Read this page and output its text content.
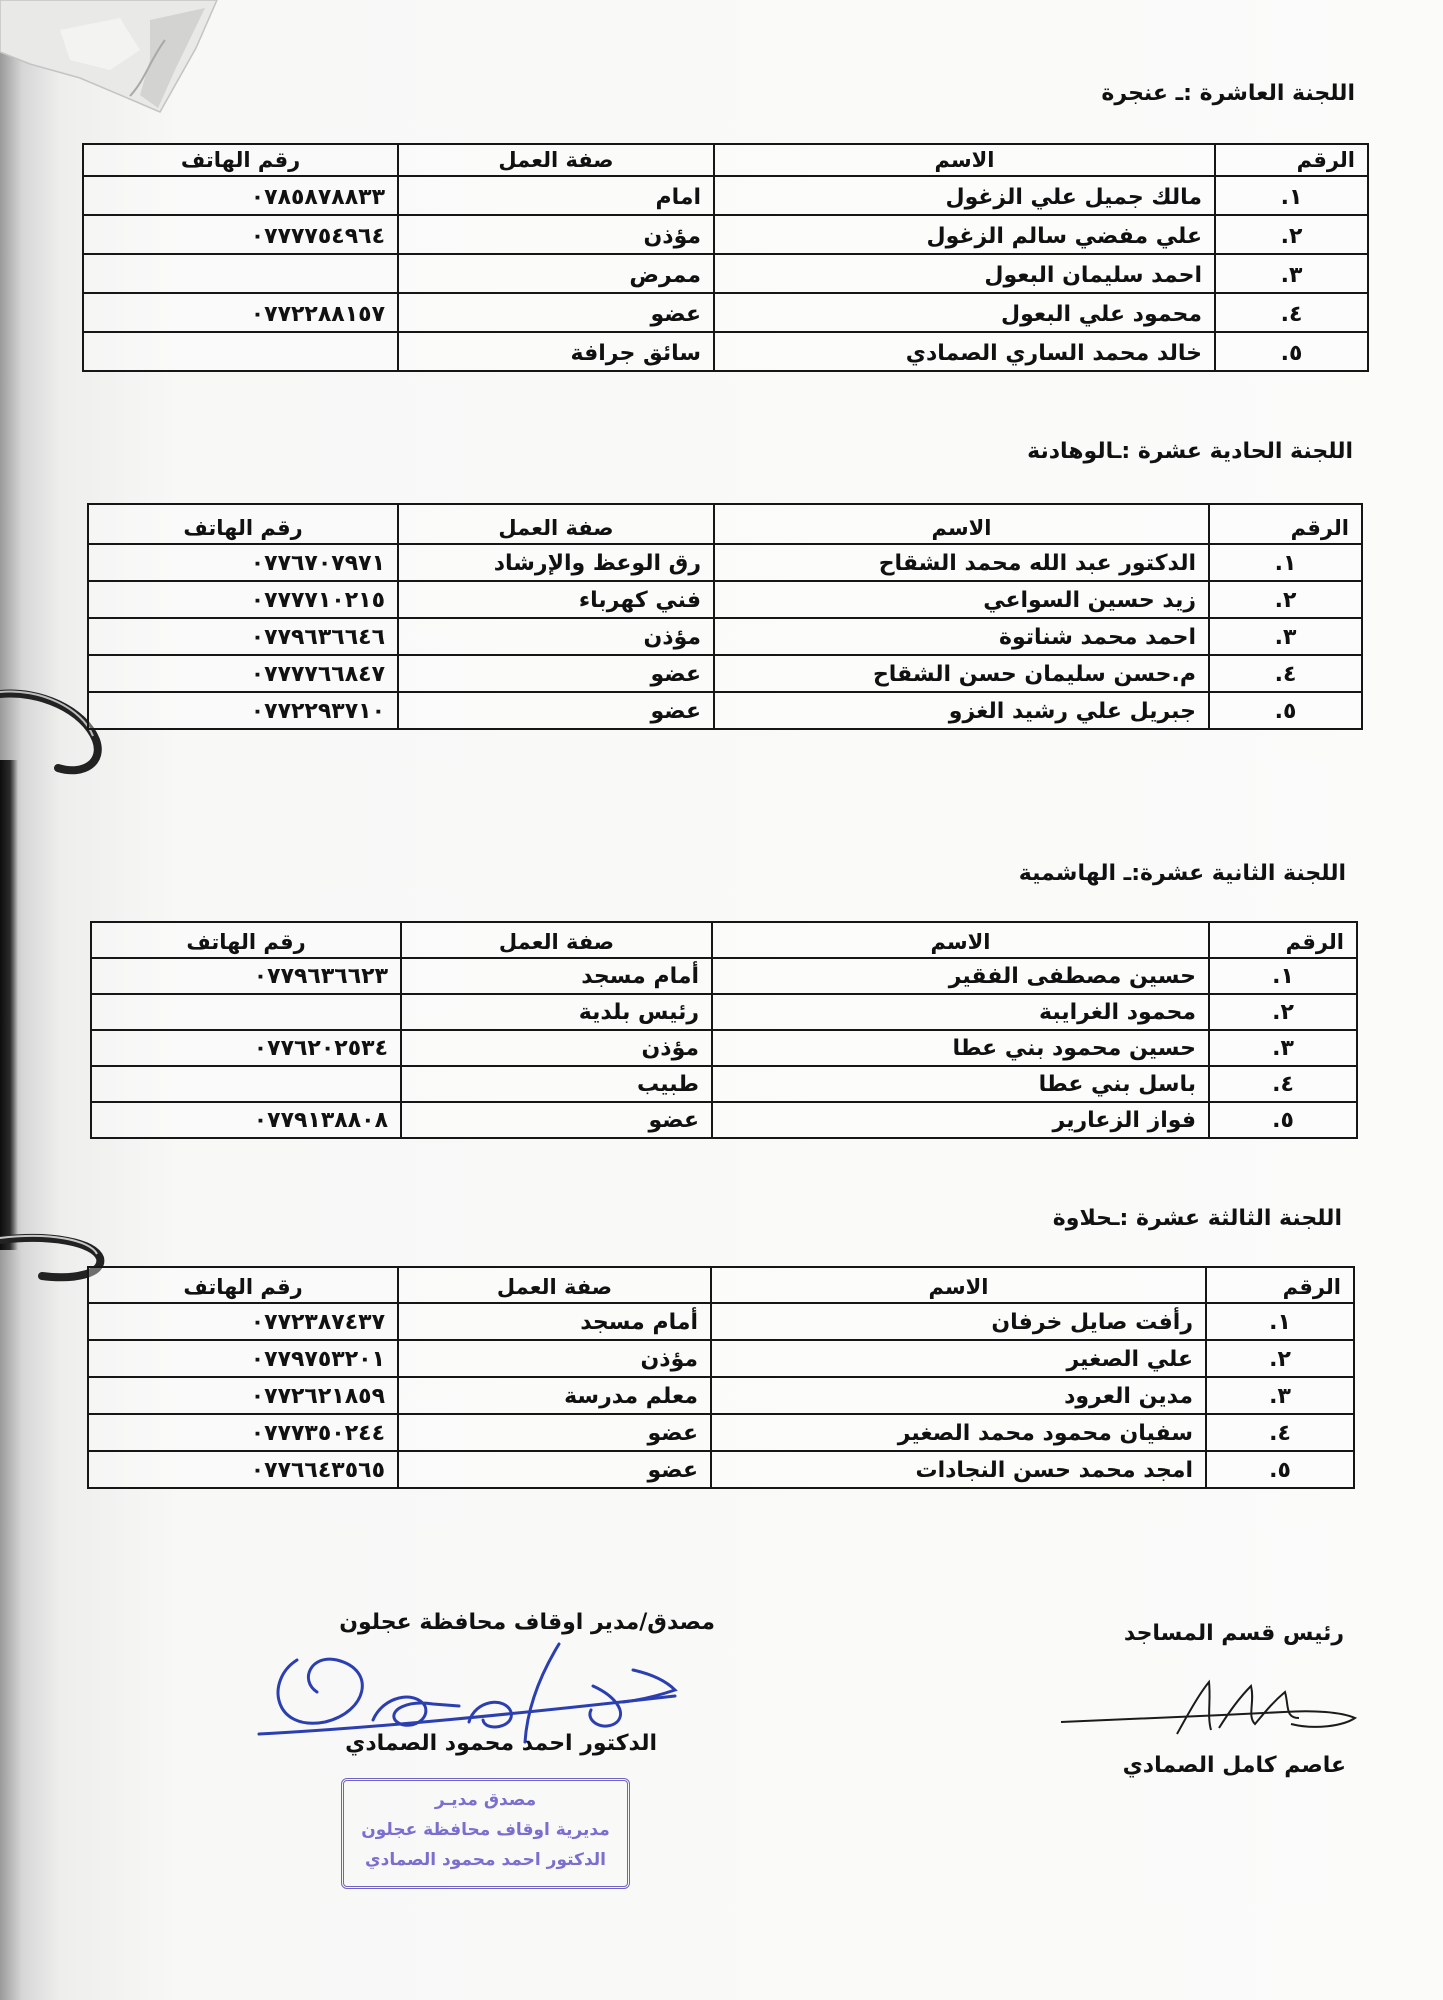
اللجنة العاشرة :ـ عنجرة
الرقم	الاسم	صفة العمل	رقم الهاتف
١.	مالك جميل علي الزغول	امام	٠٧٨٥٨٧٨٨٣٣
٢.	علي مفضي سالم الزغول	مؤذن	٠٧٧٧٧٥٤٩٦٤
٣.	احمد سليمان البعول	ممرض	
٤.	محمود علي البعول	عضو	٠٧٧٢٢٨٨١٥٧
٥.	خالد محمد الساري الصمادي	سائق جرافة	
اللجنة الحادية عشرة :ـالوهادنة
الرقم	الاسم	صفة العمل	رقم الهاتف
١.	الدكتور عبد الله محمد الشقاح	رق الوعظ والإرشاد	٠٧٧٦٧٠٧٩٧١
٢.	زيد حسين السواعي	فني كهرباء	٠٧٧٧٧١٠٢١٥
٣.	احمد محمد شناتوة	مؤذن	٠٧٧٩٦٣٦٦٤٦
٤.	م.حسن سليمان حسن الشقاح	عضو	٠٧٧٧٧٦٦٨٤٧
٥.	جبريل علي رشيد الغزو	عضو	٠٧٧٢٢٩٣٧١٠
اللجنة الثانية عشرة:ـ الهاشمية
الرقم	الاسم	صفة العمل	رقم الهاتف
١.	حسين مصطفى الفقير	أمام مسجد	٠٧٧٩٦٣٦٦٢٣
٢.	محمود الغرايبة	رئيس بلدية	
٣.	حسين محمود بني عطا	مؤذن	٠٧٧٦٢٠٢٥٣٤
٤.	باسل بني عطا	طبيب	
٥.	فواز الزعارير	عضو	٠٧٧٩١٣٨٨٠٨
اللجنة الثالثة عشرة :ـحلاوة
الرقم	الاسم	صفة العمل	رقم الهاتف
١.	رأفت صايل خرفان	أمام مسجد	٠٧٧٢٣٨٧٤٣٧
٢.	علي الصغير	مؤذن	٠٧٧٩٧٥٣٢٠١
٣.	مدين العرود	معلم مدرسة	٠٧٧٢٦٢١٨٥٩
٤.	سفيان محمود محمد الصغير	عضو	٠٧٧٧٣٥٠٢٤٤
٥.	امجد محمد حسن النجادات	عضو	٠٧٧٦٦٤٣٥٦٥
رئيس قسم المساجد
عاصم كامل الصمادي
مصدق/مدير اوقاف محافظة عجلون
الدكتور احمد محمود الصمادي
مصدق مديـر
مديرية اوقاف محافظة عجلون
الدكتور احمد محمود الصمادي
